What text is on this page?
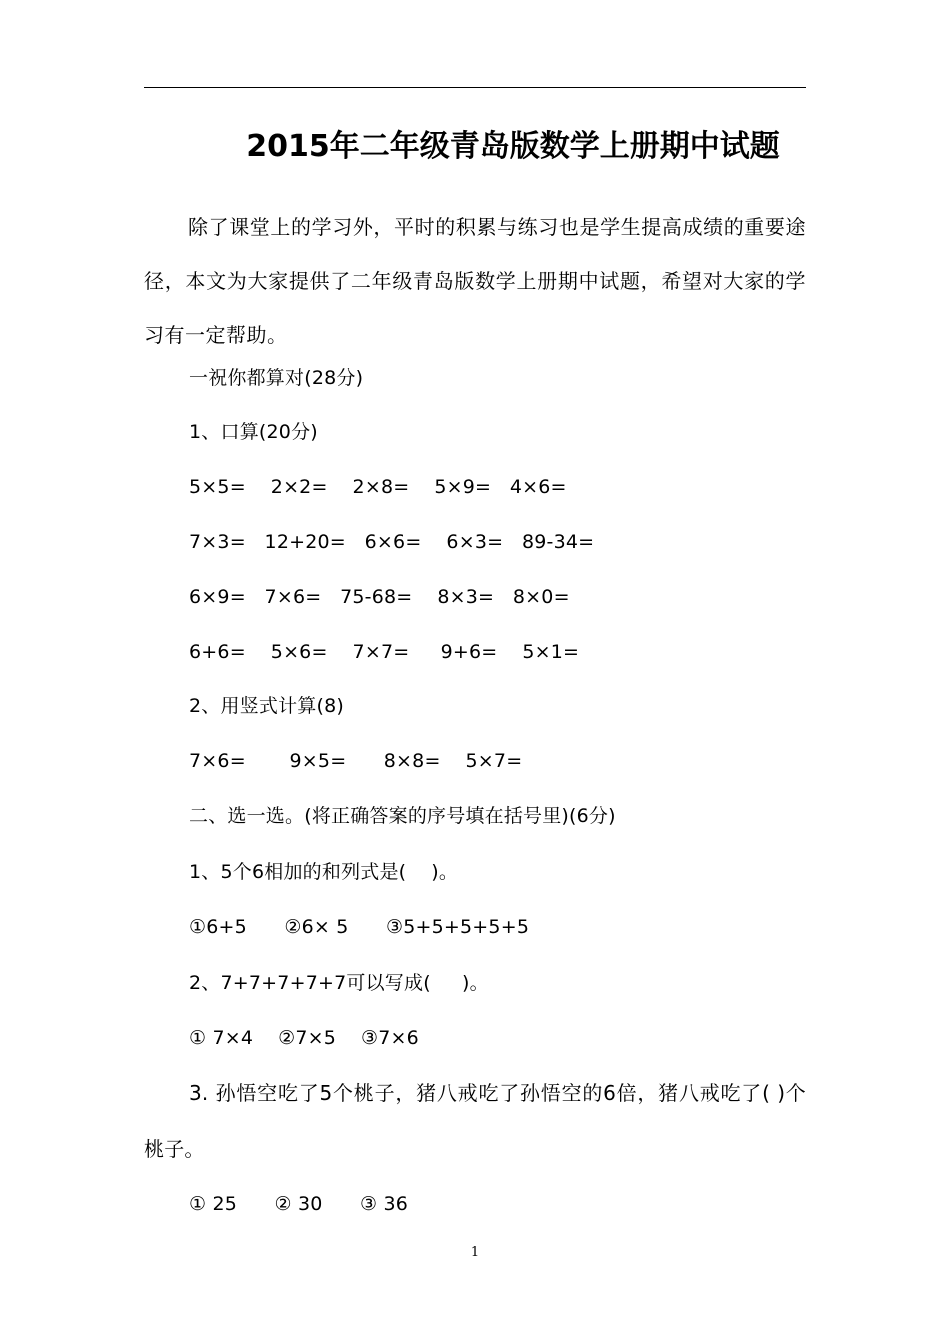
2015年二年级青岛版数学上册期中试题
除了课堂上的学习外，平时的积累与练习也是学生提高成绩的重要途径，本文为大家提供了二年级青岛版数学上册期中试题，希望对大家的学习有一定帮助。
一祝你都算对(28分)
1、口算(20分)
5×5=    2×2=    2×8=    5×9=   4×6=
7×3=   12+20=   6×6=    6×3=   89-34=
6×9=   7×6=   75-68=    8×3=   8×0=
6+6=    5×6=    7×7=     9+6=    5×1=
2、用竖式计算(8)
7×6=       9×5=      8×8=    5×7=
二、选一选。(将正确答案的序号填在括号里)(6分)
1、5个6相加的和列式是(    )。
①6+5      ②6× 5      ③5+5+5+5+5
2、7+7+7+7+7可以写成(     )。
① 7×4    ②7×5    ③7×6
3. 孙悟空吃了5个桃子，猪八戒吃了孙悟空的6倍，猪八戒吃了( )个桃子。
① 25      ② 30      ③ 36
1
